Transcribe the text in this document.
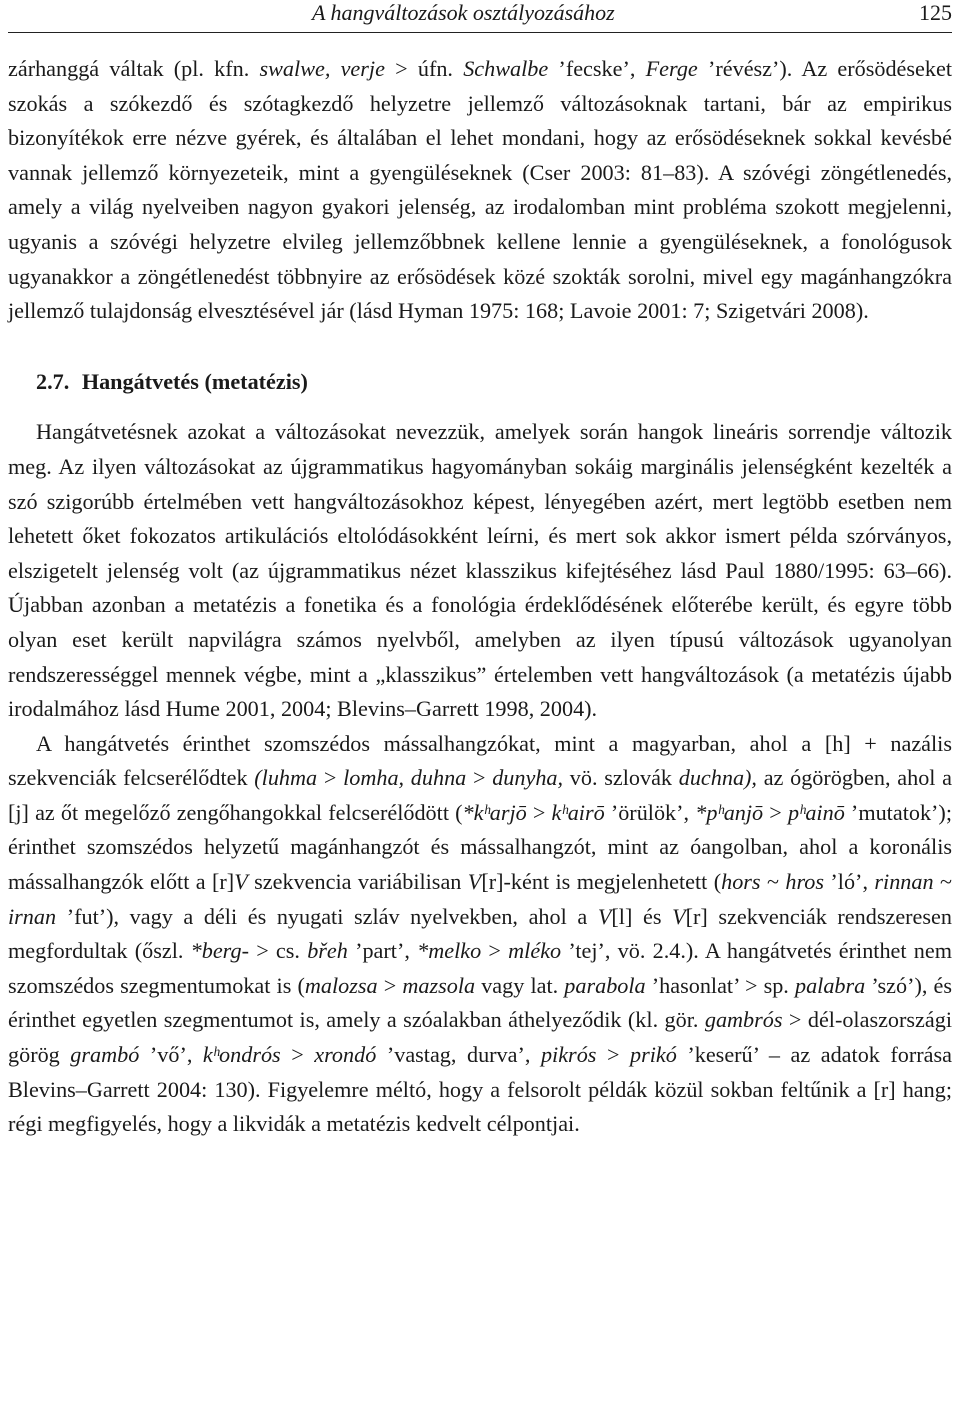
A hangváltozások osztályozásához	125

zárhanggá váltak (pl. kfn. swalwe, verje > úfn. Schwalbe ’fecske’, Ferge ’révész’). Az erősödéseket szokás a szókezdő és szótagkezdő helyzetre jellemző változásoknak tartani, bár az empirikus bizonyítékok erre nézve gyérek, és általában el lehet mondani, hogy az erősödéseknek sokkal kevésbé vannak jellemző környezeteik, mint a gyengüléseknek (Cser 2003: 81–83). A szóvégi zöngétlenedés, amely a világ nyelveiben nagyon gyakori jelenség, az irodalomban mint probléma szokott megjelenni, ugyanis a szóvégi helyzetre elvileg jellemzőbbnek kellene lennie a gyengüléseknek, a fonológusok ugyanakkor a zöngétlenedést többnyire az erősödések közé szokták sorolni, mivel egy magánhangzókra jellemző tulajdonság elvesztésével jár (lásd Hyman 1975: 168; Lavoie 2001: 7; Szigetvári 2008).

2.7. Hangátvetés (metatézis)

Hangátvetésnek azokat a változásokat nevezzük, amelyek során hangok lineáris sorrendje változik meg. Az ilyen változásokat az újgrammatikus hagyományban sokáig marginális jelenségként kezelték a szó szigorúbb értelmében vett hangváltozásokhoz képest, lényegében azért, mert legtöbb esetben nem lehetett őket fokozatos artikulációs eltolódásokként leírni, és mert sok akkor ismert példa szórványos, elszigetelt jelenség volt (az újgrammatikus nézet klasszikus kifejtéséhez lásd Paul 1880/1995: 63–66). Újabban azonban a metatézis a fonetika és a fonológia érdeklődésének előterébe került, és egyre több olyan eset került napvilágra számos nyelvből, amelyben az ilyen típusú változások ugyanolyan rendszerességgel mennek végbe, mint a „klasszikus” értelemben vett hangváltozások (a metatézis újabb irodalmához lásd Hume 2001, 2004; Blevins–Garrett 1998, 2004).

A hangátvetés érinthet szomszédos mássalhangzókat, mint a magyarban, ahol a [h] + nazális szekvenciák felcserélődtek (luhma > lomha, duhna > dunyha, vö. szlovák duchna), az ógörögben, ahol a [j] az őt megelőző zengőhangokkal felcserélődött (*kʰarjō > kʰairō ’örülök’, *pʰanjō > pʰainō ’mutatok’); érinthet szomszédos helyzetű magánhangzót és mássalhangzót, mint az óangolban, ahol a koronális mássalhangzók előtt a [r]V szekvencia variábilisan V[r]-ként is megjelenhetett (hors ~ hros ’ló’, rinnan ~ irnan ’fut’), vagy a déli és nyugati szláv nyelvekben, ahol a V[l] és V[r] szekvenciák rendszeresen megfordultak (őszl. *berg- > cs. břeh ’part’, *melko > mléko ’tej’, vö. 2.4.). A hangátvetés érinthet nem szomszédos szegmentumokat is (malozsa > mazsola vagy lat. parabola ’hasonlat’ > sp. palabra ’szó’), és érinthet egyetlen szegmentumot is, amely a szóalakban áthelyeződik (kl. gör. gambrós > dél-olaszországi görög grambó ’vő’, kʰondrós > xrondó ’vastag, durva’, pikrós > prikó ’keserű’ – az adatok forrása Blevins–Garrett 2004: 130). Figyelemre méltó, hogy a felsorolt példák közül sokban feltűnik a [r] hang; régi megfigyelés, hogy a likvidák a metatézis kedvelt célpontjai.
